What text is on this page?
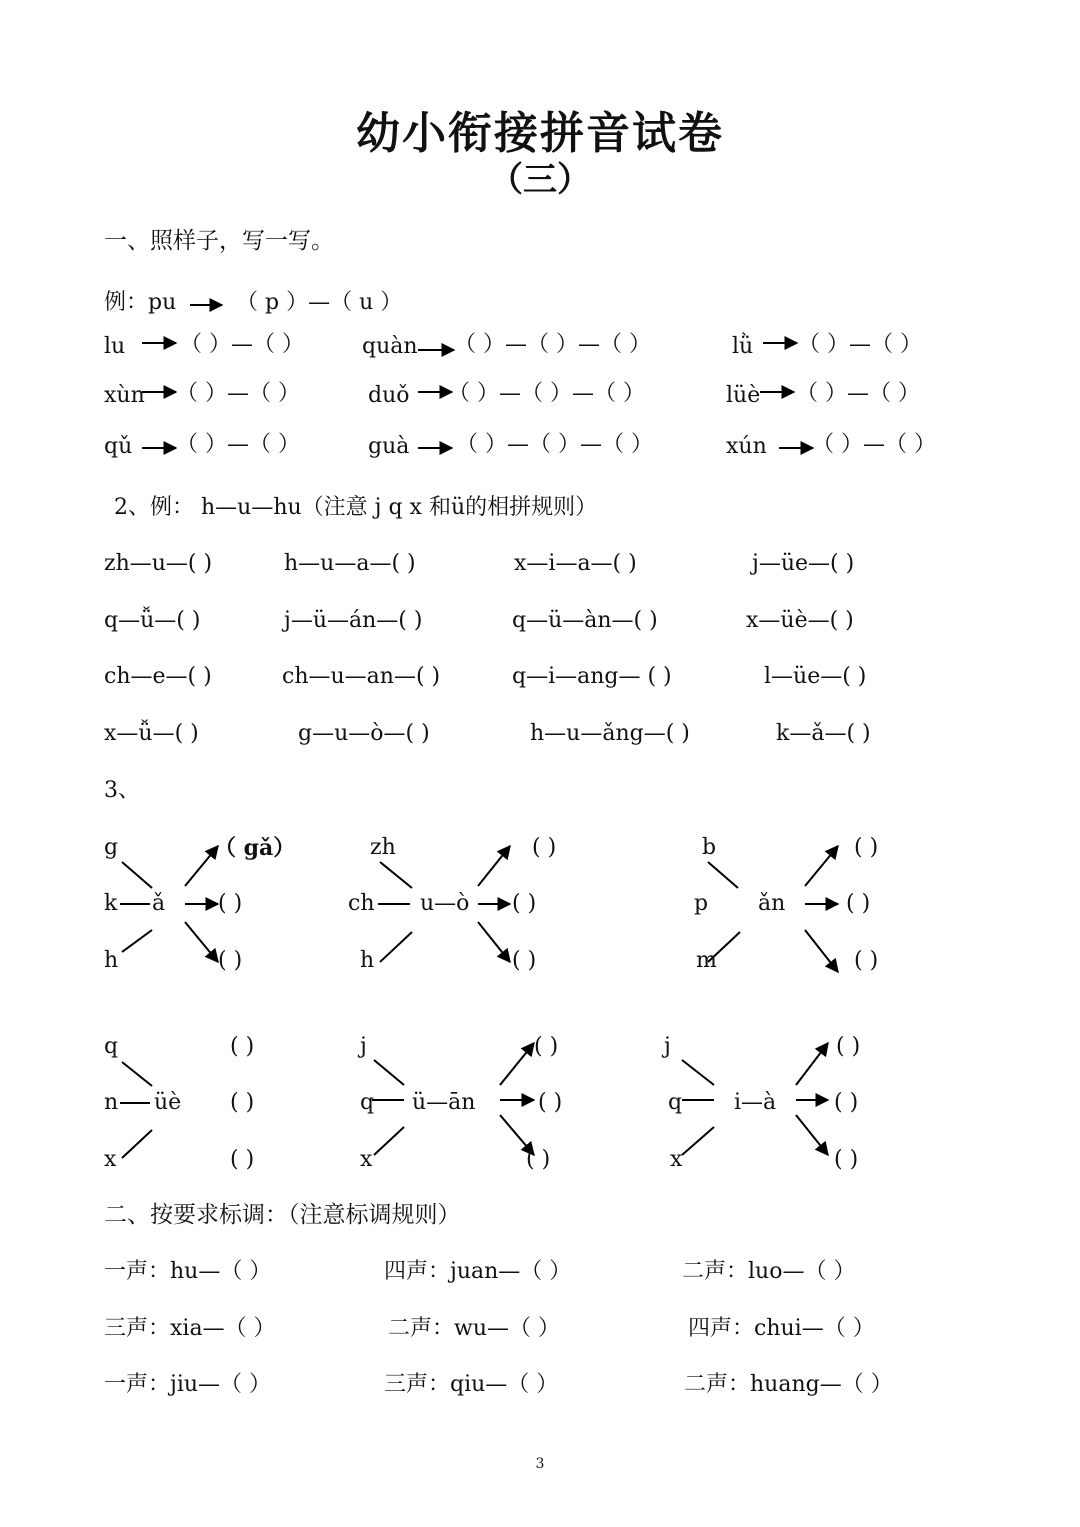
幼小衔接拼音试卷
（三）
一、照样子，写一写。
例：pu	（ p ）—（ u ）
lu （ ）—（ ）	quàn （ ）—（ ）—（ ）	lǜ （ ）—（ ）
xùn （ ）—（ ）	duǒ （ ）—（ ）—（ ）	lüè （ ）—（ ）
qǔ （ ）—（ ）	guà （ ）—（ ）—（ ）	xún （ ）—（ ）
2、例： h—u—hu（注意 j q x 和ü的相拼规则）
zh—u—( )	h—u—a—( )	x—i—a—( )	j—üe—( )
q—ǚ—( )	j—ü—án—( )	q—ü—àn—( )	x—üè—( )
ch—e—( )	ch—u—an—( )	q—i—ang— ( )	l—üe—( )
x—ǚ—( )	g—u—ò—( )	h—u—ǎng—( )	k—ǎ—( )
3、
g
k
h
ǎ
（ gǎ）
( )
( )
zh
ch
h
u—ò
( )
( )
( )
b
p
m
ǎn
( )
( )
( )
q
n
x
üè
( )
( )
( )
j
q
x
ü—ān
( )
( )
( )
j
q
x
i—à
( )
( )
( )
二、按要求标调：（注意标调规则）
一声：hu—（ ）	四声：juan—（ ）	二声：luo—（ ）
三声：xia—（ ）	二声：wu—（ ）	四声：chui—（ ）
一声：jiu—（ ）	三声：qiu—（ ）	二声：huang—（ ）
3
